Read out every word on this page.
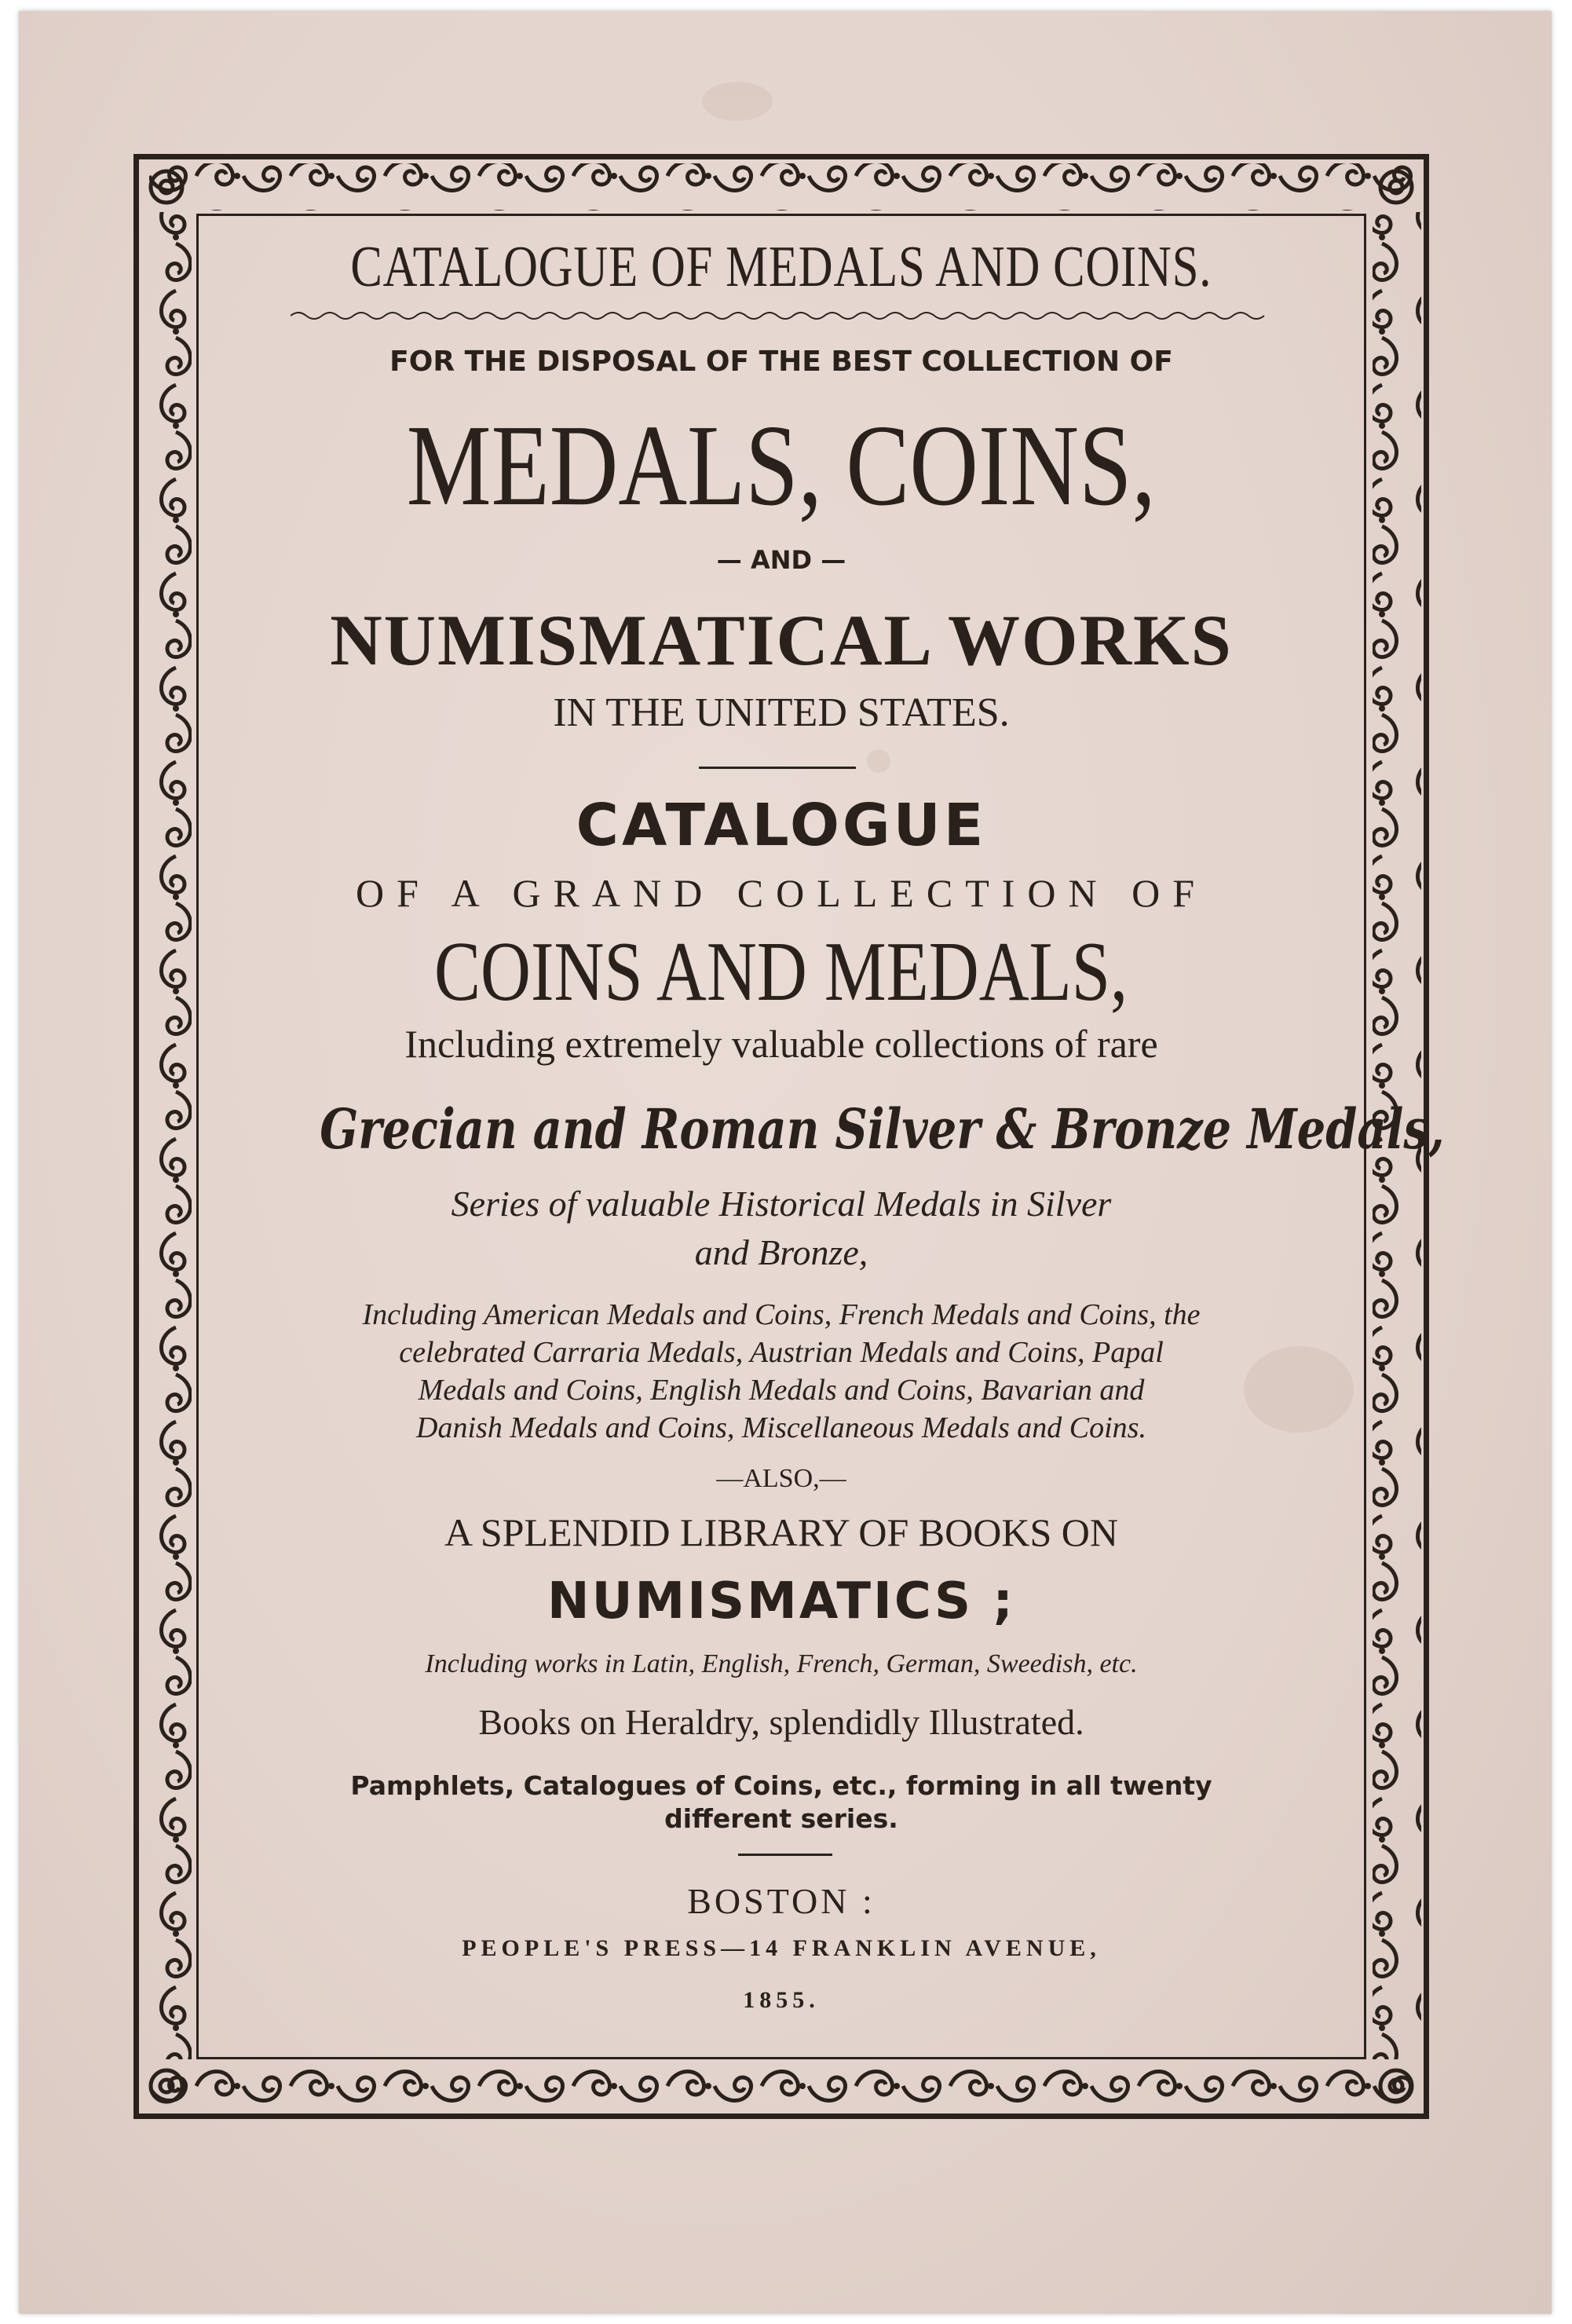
CATALOGUE OF MEDALS AND COINS.
FOR THE DISPOSAL OF THE BEST COLLECTION OF
MEDALS, COINS,
— AND —
NUMISMATICAL WORKS
IN THE UNITED STATES.
CATALOGUE
OF A GRAND COLLECTION OF
COINS AND MEDALS,
Including extremely valuable collections of rare
Grecian and Roman Silver & Bronze Medals,
Series of valuable Historical Medals in Silver
and Bronze,
Including American Medals and Coins, French Medals and Coins, the
celebrated Carraria Medals, Austrian Medals and Coins, Papal
Medals and Coins, English Medals and Coins, Bavarian and
Danish Medals and Coins, Miscellaneous Medals and Coins.
—ALSO,—
A SPLENDID LIBRARY OF BOOKS ON
NUMISMATICS ;
Including works in Latin, English, French, German, Sweedish, etc.
Books on Heraldry, splendidly Illustrated.
Pamphlets, Catalogues of Coins, etc., forming in all twenty
different series.
BOSTON :
PEOPLE'S PRESS—14 FRANKLIN AVENUE,
1855.
